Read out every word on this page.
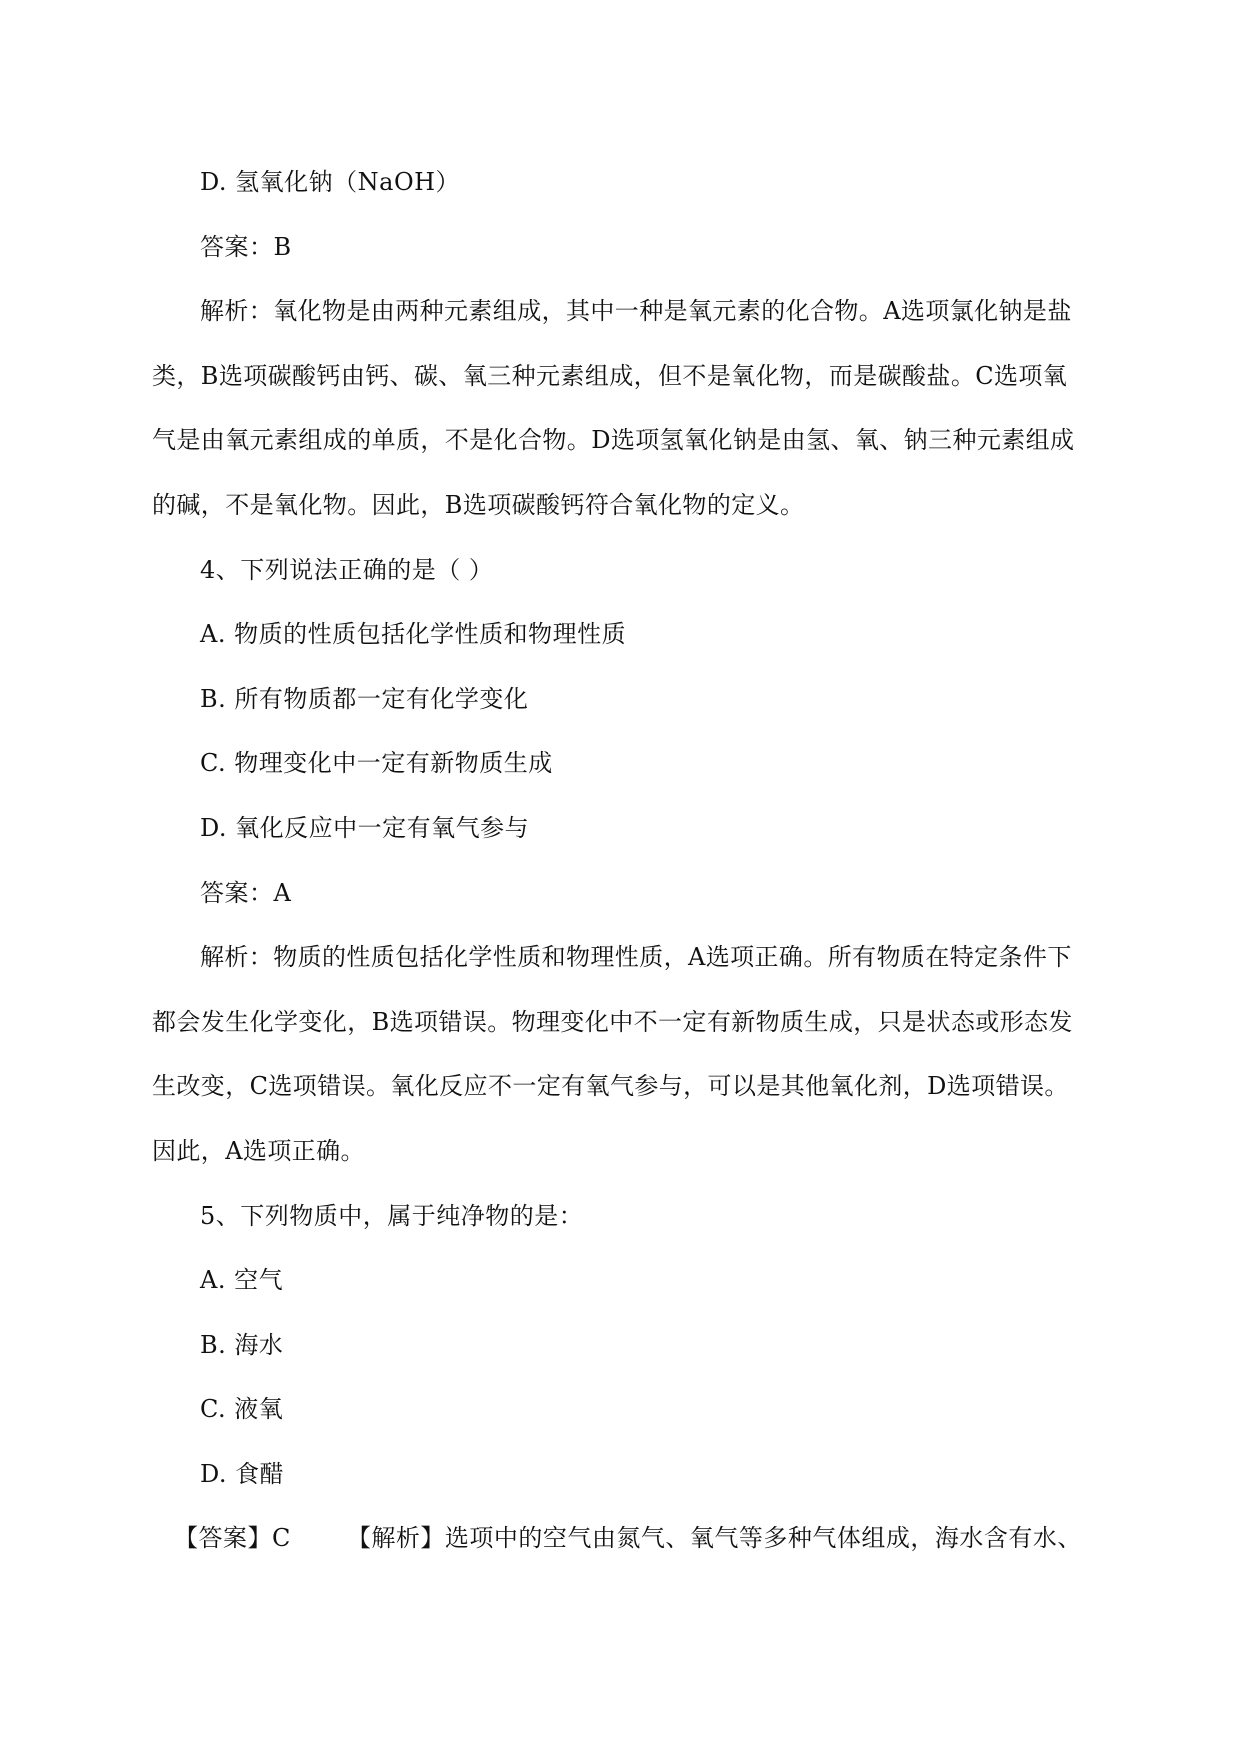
D. 氢氧化钠（NaOH）
答案：B
解析：氧化物是由两种元素组成，其中一种是氧元素的化合物。A选项氯化钠是盐
类，B选项碳酸钙由钙、碳、氧三种元素组成，但不是氧化物，而是碳酸盐。C选项氧
气是由氧元素组成的单质，不是化合物。D选项氢氧化钠是由氢、氧、钠三种元素组成
的碱，不是氧化物。因此，B选项碳酸钙符合氧化物的定义。
4、下列说法正确的是（ ）
A. 物质的性质包括化学性质和物理性质
B. 所有物质都一定有化学变化
C. 物理变化中一定有新物质生成
D. 氧化反应中一定有氧气参与
答案：A
解析：物质的性质包括化学性质和物理性质，A选项正确。所有物质在特定条件下
都会发生化学变化，B选项错误。物理变化中不一定有新物质生成，只是状态或形态发
生改变，C选项错误。氧化反应不一定有氧气参与，可以是其他氧化剂，D选项错误。
因此，A选项正确。
5、下列物质中，属于纯净物的是：
A. 空气
B. 海水
C. 液氧
D. 食醋
【答案】C 【解析】选项中的空气由氮气、氧气等多种气体组成，海水含有水、
